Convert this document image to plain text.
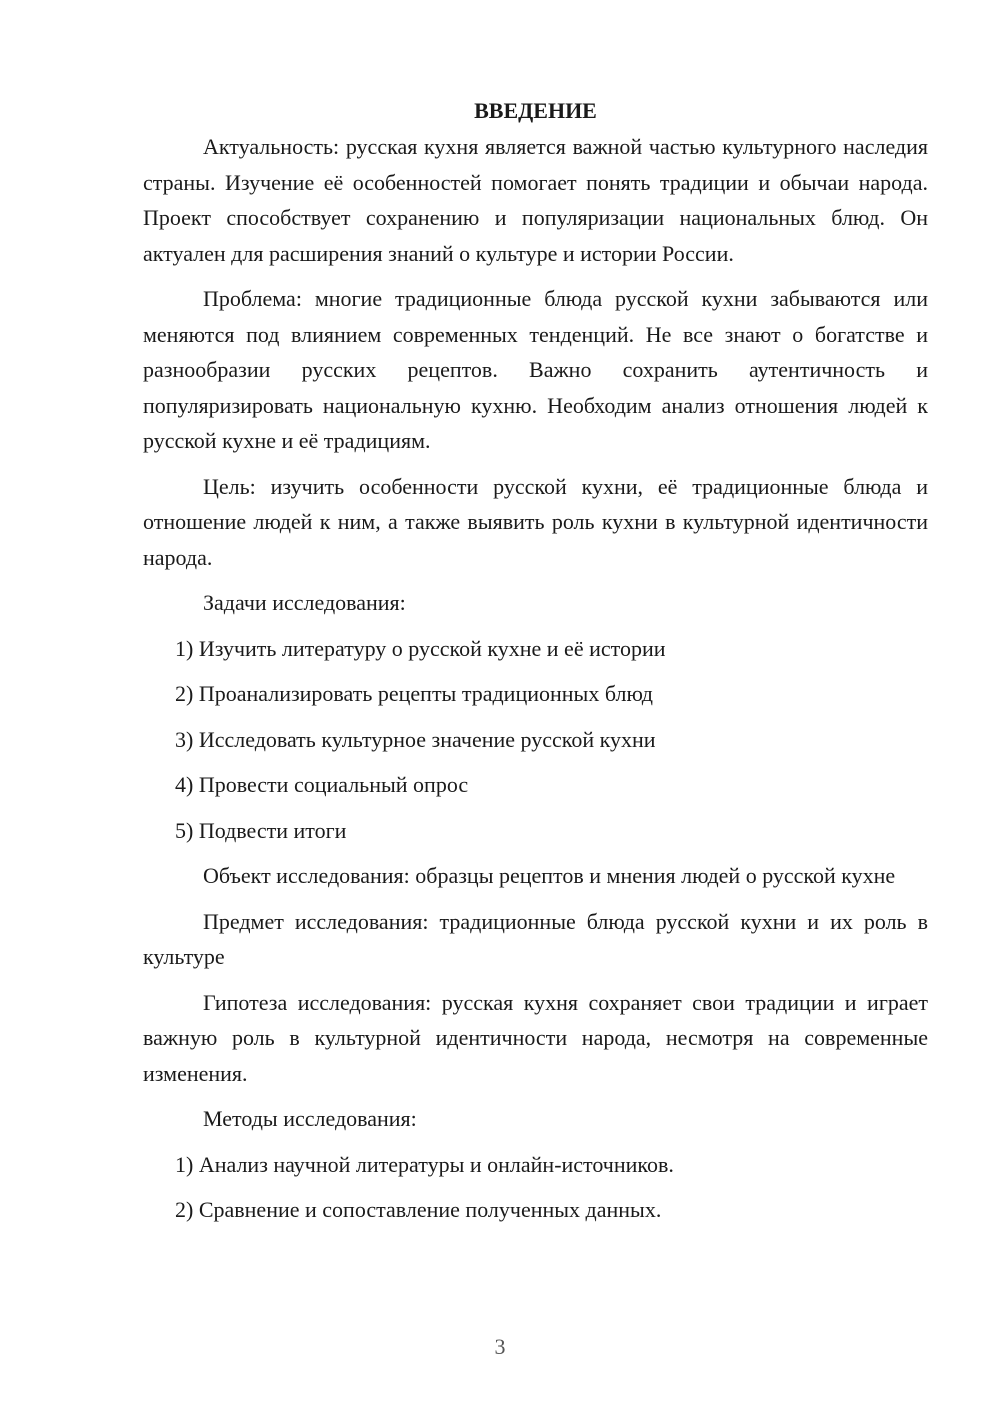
ВВЕДЕНИЕ

Актуальность: русская кухня является важной частью культурного наследия страны. Изучение её особенностей помогает понять традиции и обычаи народа. Проект способствует сохранению и популяризации национальных блюд. Он актуален для расширения знаний о культуре и истории России.

Проблема: многие традиционные блюда русской кухни забываются или меняются под влиянием современных тенденций. Не все знают о богатстве и разнообразии русских рецептов. Важно сохранить аутентичность и популяризировать национальную кухню. Необходим анализ отношения людей к русской кухне и её традициям.

Цель: изучить особенности русской кухни, её традиционные блюда и отношение людей к ним, а также выявить роль кухни в культурной идентичности народа.

Задачи исследования:

1) Изучить литературу о русской кухне и её истории

2) Проанализировать рецепты традиционных блюд

3) Исследовать культурное значение русской кухни

4) Провести социальный опрос

5) Подвести итоги

Объект исследования: образцы рецептов и мнения людей о русской кухне

Предмет исследования: традиционные блюда русской кухни и их роль в культуре

Гипотеза исследования: русская кухня сохраняет свои традиции и играет важную роль в культурной идентичности народа, несмотря на современные изменения.

Методы исследования:

1) Анализ научной литературы и онлайн-источников.

2) Сравнение и сопоставление полученных данных.

3
